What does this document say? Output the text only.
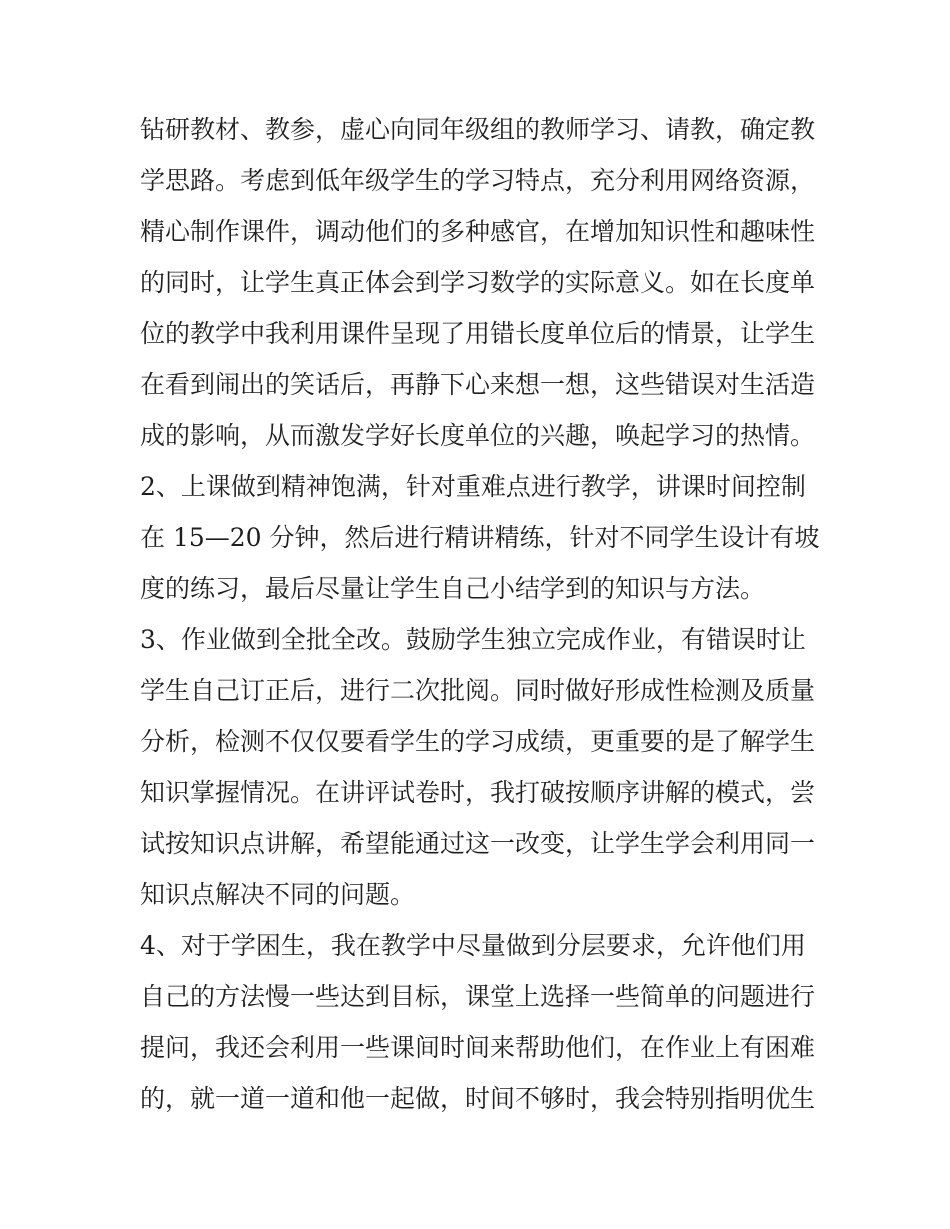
钻研教材、教参，虚心向同年级组的教师学习、请教，确定教
学思路。考虑到低年级学生的学习特点，充分利用网络资源，
精心制作课件，调动他们的多种感官，在增加知识性和趣味性
的同时，让学生真正体会到学习数学的实际意义。如在长度单
位的教学中我利用课件呈现了用错长度单位后的情景，让学生
在看到闹出的笑话后，再静下心来想一想，这些错误对生活造
成的影响，从而激发学好长度单位的兴趣，唤起学习的热情。
2、上课做到精神饱满，针对重难点进行教学，讲课时间控制
在 15—20 分钟，然后进行精讲精练，针对不同学生设计有坡
度的练习，最后尽量让学生自己小结学到的知识与方法。
3、作业做到全批全改。鼓励学生独立完成作业，有错误时让
学生自己订正后，进行二次批阅。同时做好形成性检测及质量
分析，检测不仅仅要看学生的学习成绩，更重要的是了解学生
知识掌握情况。在讲评试卷时，我打破按顺序讲解的模式，尝
试按知识点讲解，希望能通过这一改变，让学生学会利用同一
知识点解决不同的问题。
4、对于学困生，我在教学中尽量做到分层要求，允许他们用
自己的方法慢一些达到目标，课堂上选择一些简单的问题进行
提问，我还会利用一些课间时间来帮助他们，在作业上有困难
的，就一道一道和他一起做，时间不够时，我会特别指明优生
